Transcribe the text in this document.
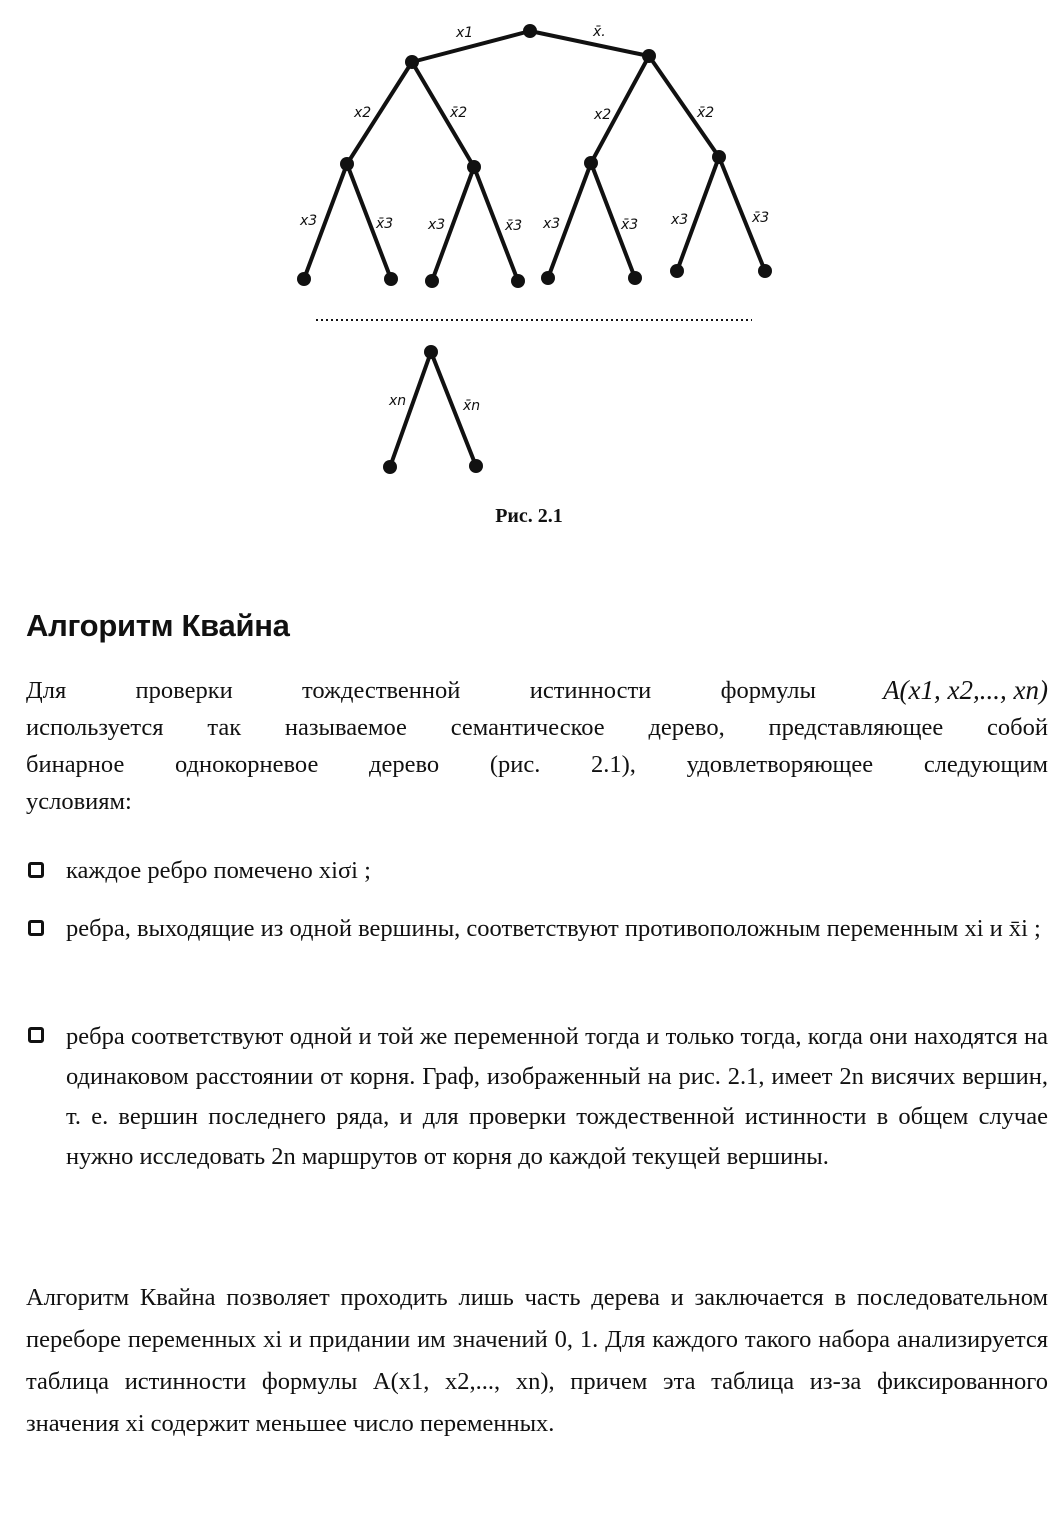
x1	x̄.
x2	x̄2	x2	x̄2
x3	x̄3 x3	x̄3 x3	x̄3 x3	x̄3
xn	x̄n
Рис. 2.1
Алгоритм Квайна
Для проверки тождественной истинности формулы A(x1, x2,..., xn)
используется так называемое семантическое дерево, представляющее собой
бинарное однокорневое дерево (рис. 2.1), удовлетворяющее следующим
условиям:
каждое ребро помечено xiσi ;
ребра, выходящие из одной вершины, соответствуют противоположным переменным xi и x̄i ;
ребра соответствуют одной и той же переменной тогда и только тогда, когда они находятся на одинаковом расстоянии от корня. Граф, изображенный на рис. 2.1, имеет 2n висячих вершин, т. е. вершин последнего ряда, и для проверки тождественной истинности в общем случае нужно исследовать 2n маршрутов от корня до каждой текущей вершины.
Алгоритм Квайна позволяет проходить лишь часть дерева и заключается в последовательном переборе переменных xi и придании им значений 0, 1. Для каждого такого набора анализируется таблица истинности формулы A(x1, x2,..., xn), причем эта таблица из-за фиксированного значения xi содержит меньшее число переменных.
